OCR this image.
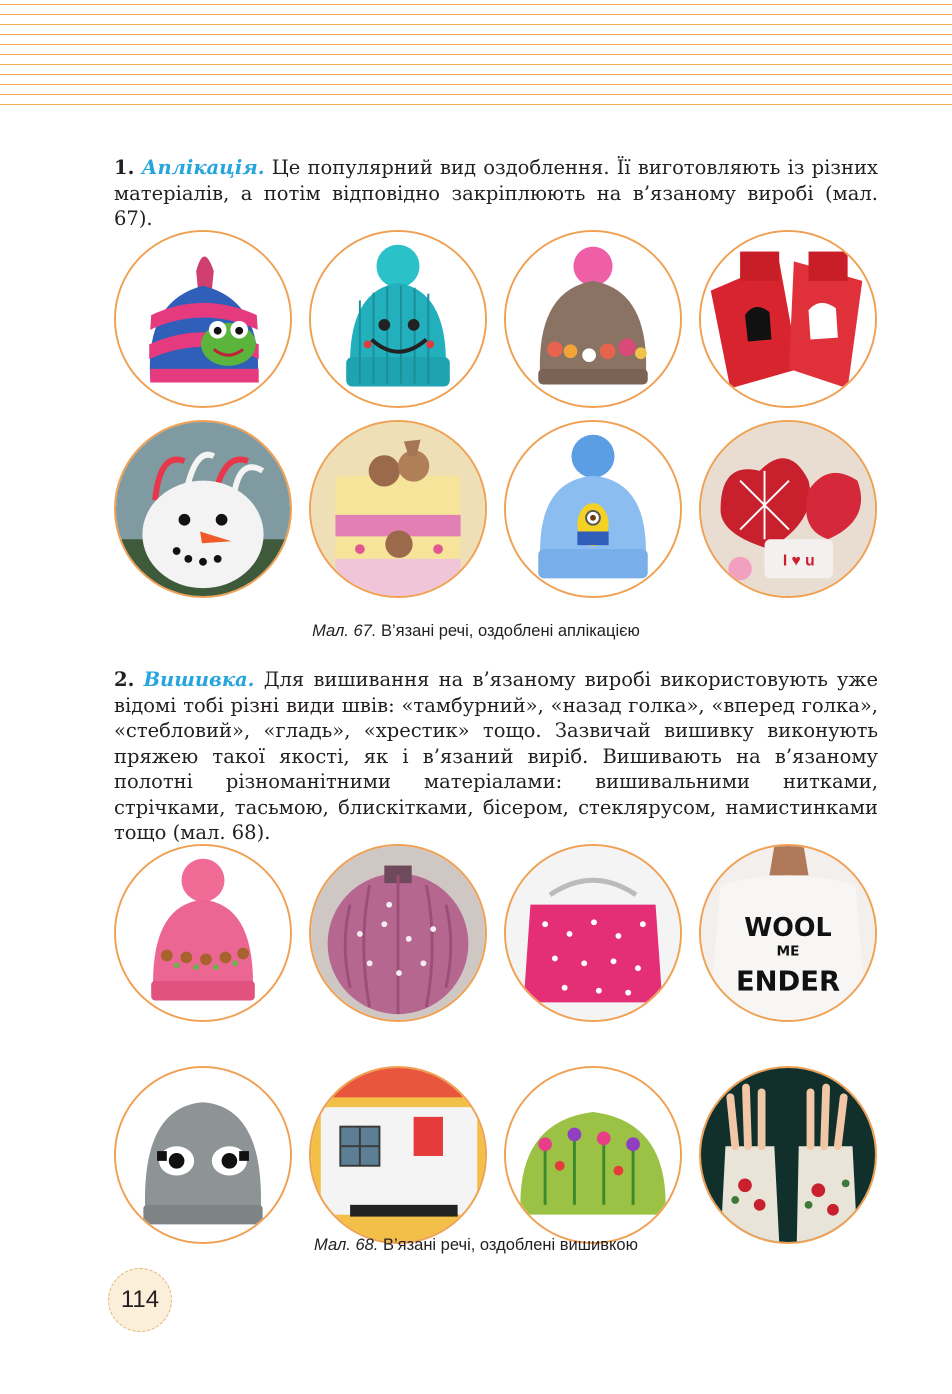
1. Аплікація. Це популярний вид оздоблення. Її виготовляють із різних матеріалів, а потім відповідно закріплюють на в’язаному виробі (мал. 67).

I ♥ u
Мал. 67. В’язані речі, оздоблені аплікацією

2. Вишивка. Для вишивання на в’язаному виробі використовують уже відомі тобі різні види швів: «тамбурний», «назад голка», «вперед голка», «стебловий», «гладь», «хрестик» тощо. Зазвичай вишивку виконують пряжею такої якості, як і в’язаний виріб. Вишивають на в’язаному полотні різноманітними матеріалами: вишивальними нитками, стрічками, тасьмою, блискітками, бісером, стеклярусом, намистинками тощо (мал. 68).

WOOL
ME
ENDER
Мал. 68. В’язані речі, оздоблені вишивкою
114
